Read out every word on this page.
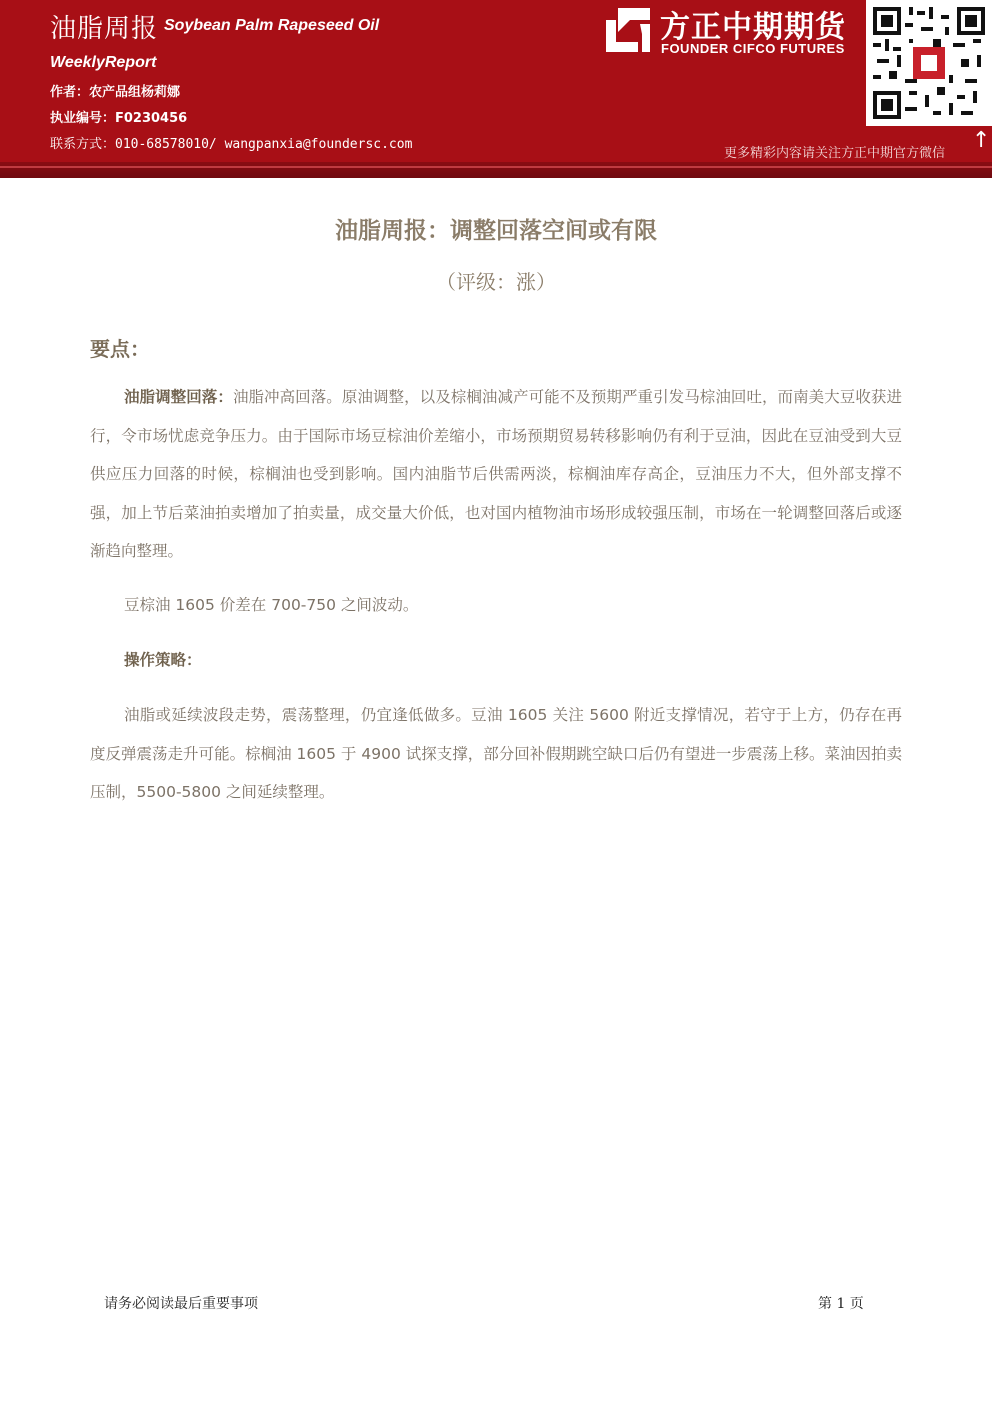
油脂周报 Soybean Palm Rapeseed Oil
WeeklyReport
作者：农产品组杨莉娜
执业编号：F0230456
联系方式：010-68578010/ wangpanxia@foundersc.com
方正中期期货
FOUNDER CIFCO FUTURES
↑
更多精彩内容请关注方正中期官方微信
油脂周报：调整回落空间或有限
（评级：涨）
要点：

油脂调整回落：油脂冲高回落。原油调整，以及棕榈油减产可能不及预期严重引发马棕油回吐，而南美大豆收获进行，令市场忧虑竞争压力。由于国际市场豆棕油价差缩小，市场预期贸易转移影响仍有利于豆油，因此在豆油受到大豆供应压力回落的时候，棕榈油也受到影响。国内油脂节后供需两淡，棕榈油库存高企，豆油压力不大，但外部支撑不强，加上节后菜油拍卖增加了拍卖量，成交量大价低，也对国内植物油市场形成较强压制，市场在一轮调整回落后或逐渐趋向整理。

豆棕油 1605 价差在 700-750 之间波动。

操作策略：

油脂或延续波段走势，震荡整理，仍宜逢低做多。豆油 1605 关注 5600 附近支撑情况，若守于上方，仍存在再度反弹震荡走升可能。棕榈油 1605 于 4900 试探支撑，部分回补假期跳空缺口后仍有望进一步震荡上移。菜油因拍卖压制，5500-5800 之间延续整理。

请务必阅读最后重要事项	第 1 页
